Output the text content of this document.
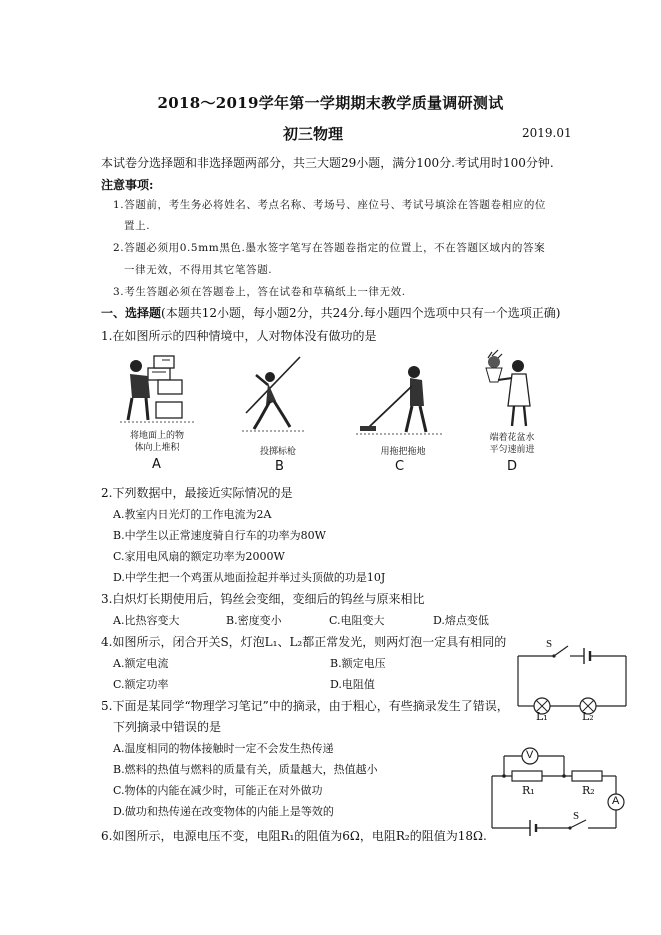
2018～2019学年第一学期期末教学质量调研测试
初三物理	2019.01
本试卷分选择题和非选择题两部分，共三大题29小题，满分100分.考试用时100分钟.
注意事项:
1.答题前，考生务必将姓名、考点名称、考场号、座位号、考试号填涂在答题卷相应的位
置上.
2.答题必须用0.5mm黑色.墨水签字笔写在答题卷指定的位置上，不在答题区域内的答案
一律无效，不得用其它笔答题.
3.考生答题必须在答题卷上，答在试卷和草稿纸上一律无效.
一、选择题(本题共12小题，每小题2分，共24分.每小题四个选项中只有一个选项正确)
1.在如图所示的四种情境中，人对物体没有做功的是
将地面上的物
体向上堆积
A
投掷标枪
B
用拖把拖地
C
端着花盆水
平匀速前进
D
2.下列数据中，最接近实际情况的是
A.教室内日光灯的工作电流为2A
B.中学生以正常速度骑自行车的功率为80W
C.家用电风扇的额定功率为2000W
D.中学生把一个鸡蛋从地面捡起并举过头顶做的功是10J
3.白炽灯长期使用后，钨丝会变细，变细后的钨丝与原来相比
A.比热容变大	B.密度变小	C.电阻变大	D.熔点变低
4.如图所示，闭合开关S，灯泡L₁、L₂都正常发光，则两灯泡一定具有相同的
A.额定电流	B.额定电压
C.额定功率	D.电阻值
S
L₁	L₂
5.下面是某同学“物理学习笔记”中的摘录，由于粗心，有些摘录发生了错误，
下列摘录中错误的是
A.温度相同的物体接触时一定不会发生热传递
B.燃料的热值与燃料的质量有关，质量越大，热值越小
C.物体的内能在减少时，可能正在对外做功
D.做功和热传递在改变物体的内能上是等效的
V
A
R₁	R₂
S
6.如图所示，电源电压不变，电阻R₁的阻值为6Ω，电阻R₂的阻值为18Ω.
